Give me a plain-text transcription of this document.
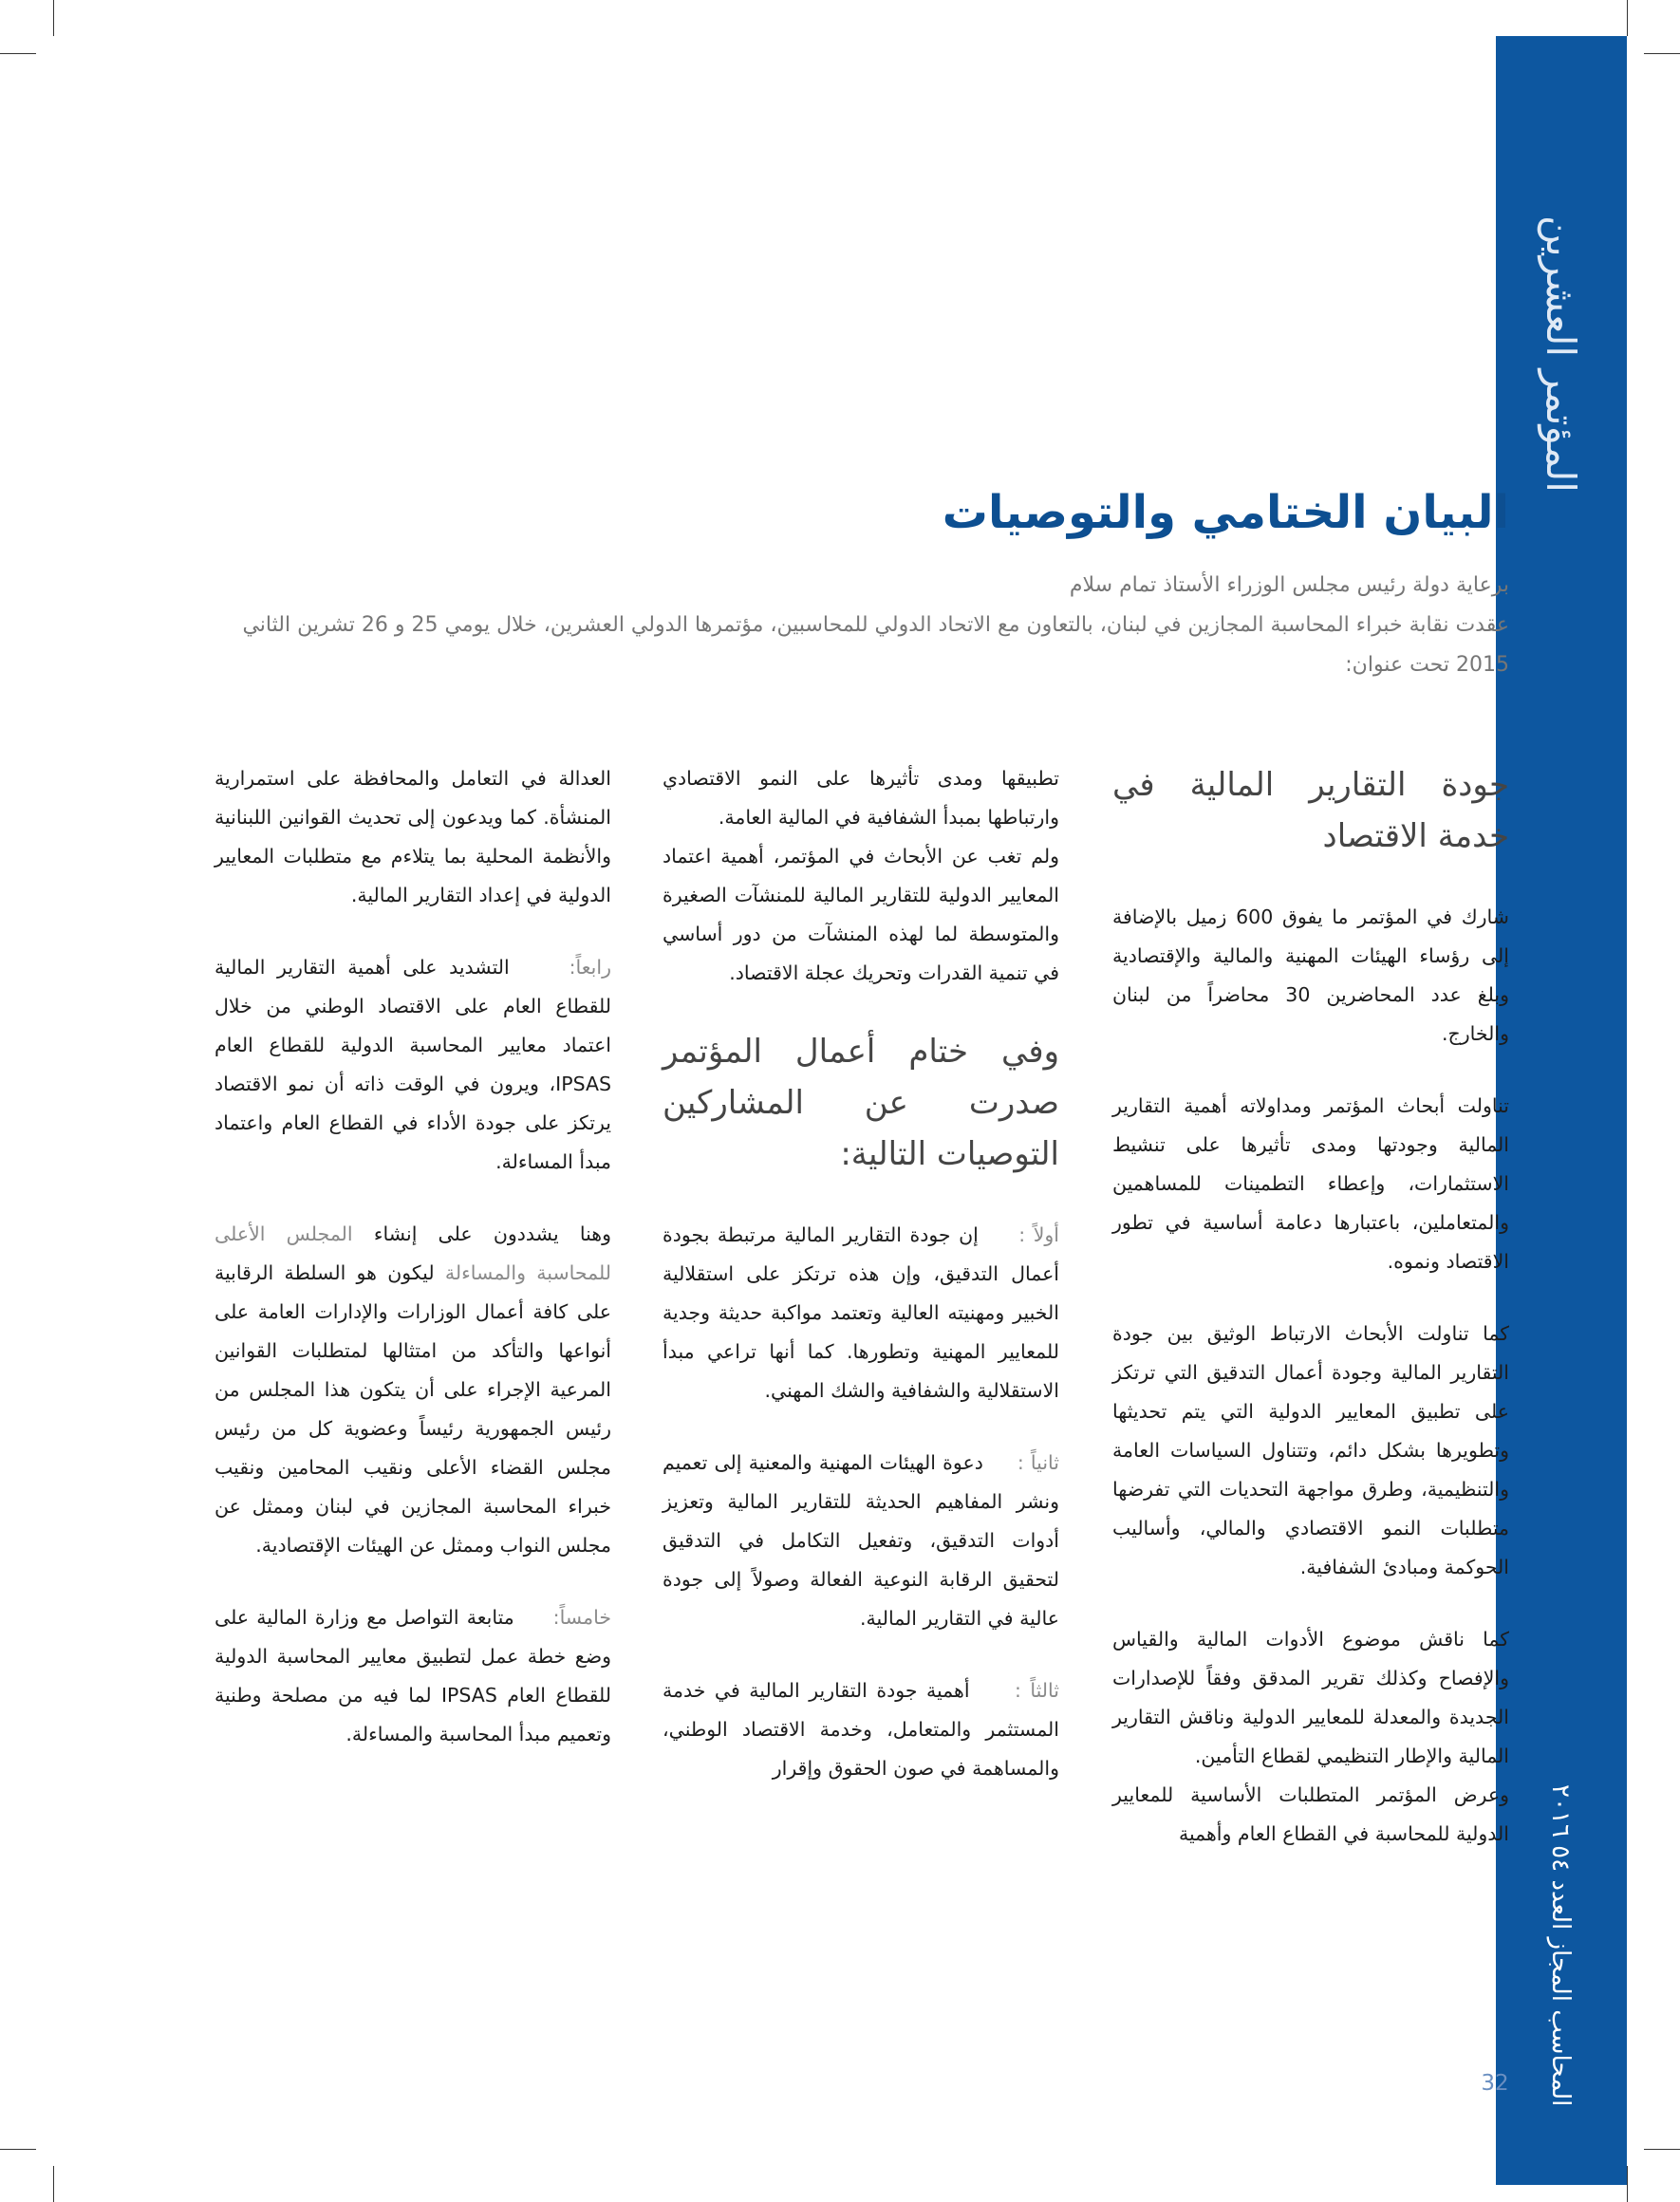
المؤتمر العشرين
المحاسب المجاز العدد ٥٤ ٢٠١٦
32
البيان الختامي والتوصيات

برعاية دولة رئيس مجلس الوزراء الأستاذ تمام سلام

عقدت نقابة خبراء المحاسبة المجازين في لبنان، بالتعاون مع الاتحاد الدولي للمحاسبين، مؤتمرها الدولي العشرين، خلال يومي 25 و 26 تشرين الثاني 2015 تحت عنوان:

جودة التقارير المالية في خدمة الاقتصاد

شارك في المؤتمر ما يفوق 600 زميل بالإضافة إلى رؤساء الهيئات المهنية والمالية والإقتصادية وبلغ عدد المحاضرين 30 محاضراً من لبنان والخارج.

تناولت أبحاث المؤتمر ومداولاته أهمية التقارير المالية وجودتها ومدى تأثيرها على تنشيط الاستثمارات، وإعطاء التطمينات للمساهمين والمتعاملين، باعتبارها دعامة أساسية في تطور الاقتصاد ونموه.

كما تناولت الأبحاث الارتباط الوثيق بين جودة التقارير المالية وجودة أعمال التدقيق التي ترتكز على تطبيق المعايير الدولية التي يتم تحديثها وتطويرها بشكل دائم، وتتناول السياسات العامة والتنظيمية، وطرق مواجهة التحديات التي تفرضها متطلبات النمو الاقتصادي والمالي، وأساليب الحوكمة ومبادئ الشفافية.

كما ناقش موضوع الأدوات المالية والقياس والإفصاح وكذلك تقرير المدقق وفقاً للإصدارات الجديدة والمعدلة للمعايير الدولية وناقش التقارير المالية والإطار التنظيمي لقطاع التأمين.

وعرض المؤتمر المتطلبات الأساسية للمعايير الدولية للمحاسبة في القطاع العام وأهمية

تطبيقها ومدى تأثيرها على النمو الاقتصادي وارتباطها بمبدأ الشفافية في المالية العامة.

ولم تغب عن الأبحاث في المؤتمر، أهمية اعتماد المعايير الدولية للتقارير المالية للمنشآت الصغيرة والمتوسطة لما لهذه المنشآت من دور أساسي في تنمية القدرات وتحريك عجلة الاقتصاد.

وفي ختام أعمال المؤتمر صدرت عن المشاركين التوصيات التالية:

أولاً :     إن جودة التقارير المالية مرتبطة بجودة أعمال التدقيق، وإن هذه ترتكز على استقلالية الخبير ومهنيته العالية وتعتمد مواكبة حديثة وجدية للمعايير المهنية وتطورها. كما أنها تراعي مبدأ الاستقلالية والشفافية والشك المهني.

ثانياً :     دعوة الهيئات المهنية والمعنية إلى تعميم ونشر المفاهيم الحديثة للتقارير المالية وتعزيز أدوات التدقيق، وتفعيل التكامل في التدقيق لتحقيق الرقابة النوعية الفعالة وصولاً إلى جودة عالية في التقارير المالية.

ثالثاً :     أهمية جودة التقارير المالية في خدمة المستثمر والمتعامل، وخدمة الاقتصاد الوطني، والمساهمة في صون الحقوق وإقرار

العدالة في التعامل والمحافظة على استمرارية المنشأة. كما ويدعون إلى تحديث القوانين اللبنانية والأنظمة المحلية بما يتلاءم مع متطلبات المعايير الدولية في إعداد التقارير المالية.

رابعاً:     التشديد على أهمية التقارير المالية للقطاع العام على الاقتصاد الوطني من خلال اعتماد معايير المحاسبة الدولية للقطاع العام IPSAS، ويرون في الوقت ذاته أن نمو الاقتصاد يرتكز على جودة الأداء في القطاع العام واعتماد مبدأ المساءلة.

وهنا يشددون على إنشاء المجلس الأعلى للمحاسبة والمساءلة ليكون هو السلطة الرقابية على كافة أعمال الوزارات والإدارات العامة على أنواعها والتأكد من امتثالها لمتطلبات القوانين المرعية الإجراء على أن يتكون هذا المجلس من رئيس الجمهورية رئيساً وعضوية كل من رئيس مجلس القضاء الأعلى ونقيب المحامين ونقيب خبراء المحاسبة المجازين في لبنان وممثل عن مجلس النواب وممثل عن الهيئات الإقتصادية.

خامساً:     متابعة التواصل مع وزارة المالية على وضع خطة عمل لتطبيق معايير المحاسبة الدولية للقطاع العام IPSAS لما فيه من مصلحة وطنية وتعميم مبدأ المحاسبة والمساءلة.
